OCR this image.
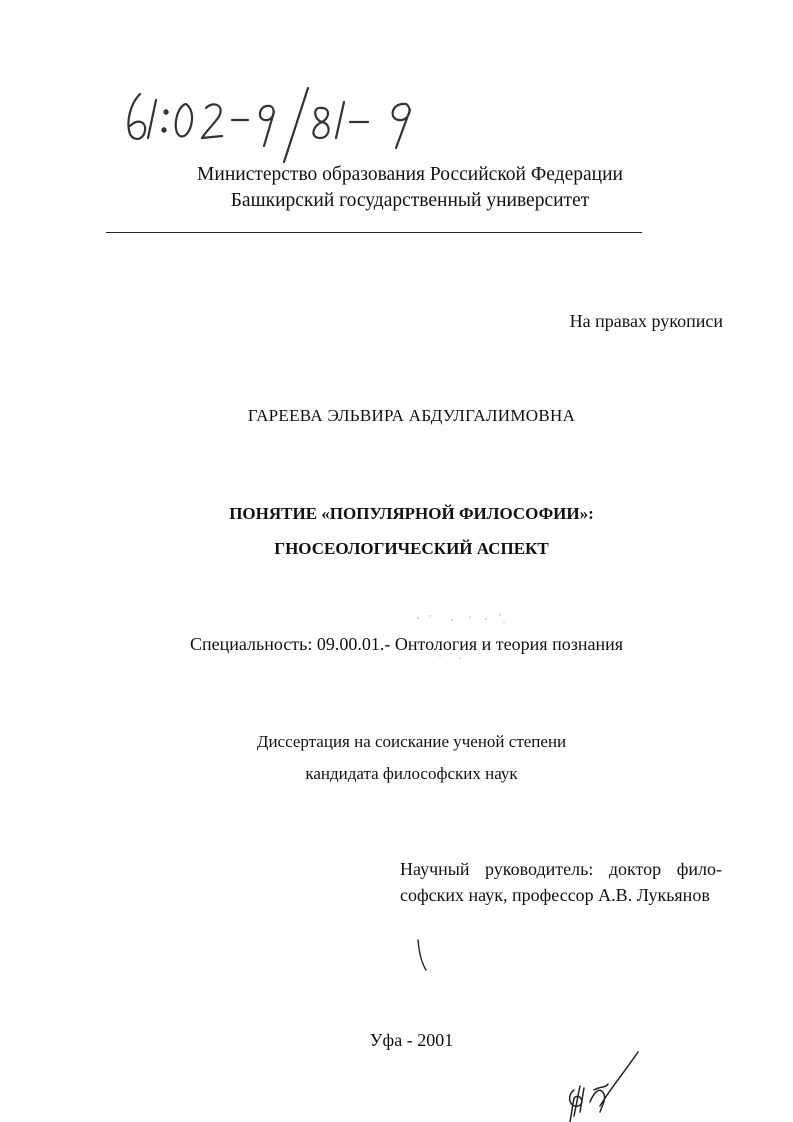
Министерство образования Российской Федерации
Башкирский государственный университет
На правах рукописи
ГАРЕЕВА ЭЛЬВИРА АБДУЛГАЛИМОВНА
ПОНЯТИЕ «ПОПУЛЯРНОЙ ФИЛОСОФИИ»:
ГНОСЕОЛОГИЧЕСКИЙ АСПЕКТ
Специальность: 09.00.01.- Онтология и теория познания
Диссертация на соискание ученой степени
кандидата философских наук
Научный руководитель: доктор фило-
софских наук, профессор А.В. Лукьянов
Уфа - 2001
